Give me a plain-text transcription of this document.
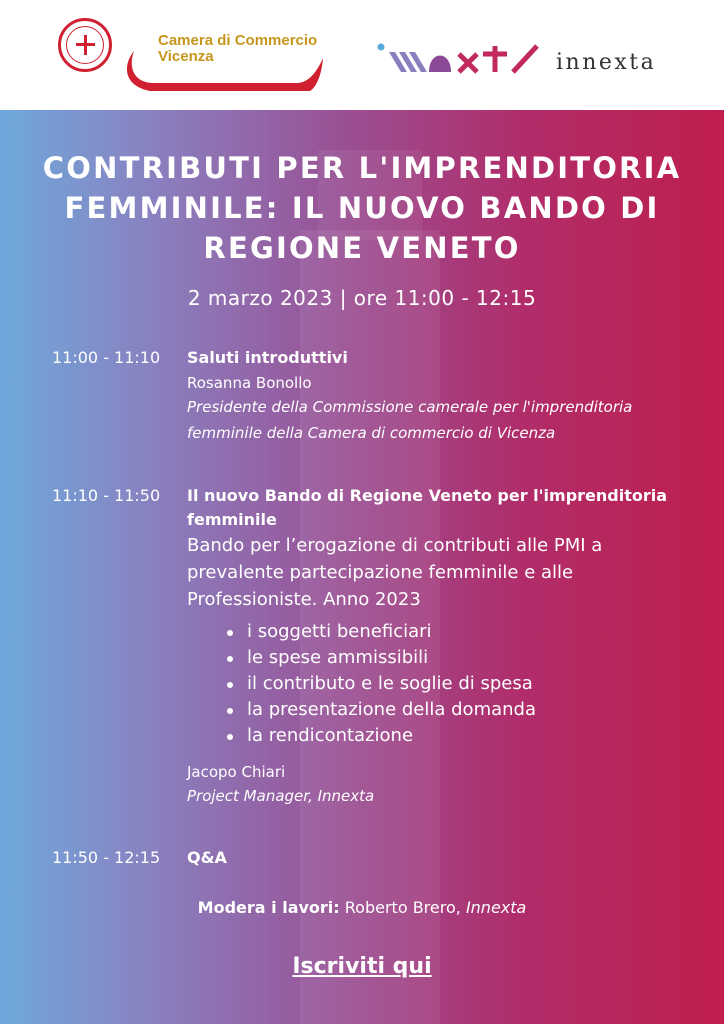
Camera di Commercio
Vicenza	innexta
CONTRIBUTI PER L'IMPRENDITORIA FEMMINILE: IL NUOVO BANDO DI REGIONE VENETO
2 marzo 2023 | ore 11:00 - 12:15
11:00 - 11:10 Saluti introduttivi
Rosanna Bonollo
Presidente della Commissione camerale per l'imprenditoria femminile della Camera di commercio di Vicenza
11:10 - 11:50 Il nuovo Bando di Regione Veneto per l'imprenditoria femminile
Bando per l’erogazione di contributi alle PMI a prevalente partecipazione femminile e alle Professioniste. Anno 2023
i soggetti beneficiari
le spese ammissibili
il contributo e le soglie di spesa
la presentazione della domanda
la rendicontazione
Jacopo Chiari
Project Manager, Innexta
11:50 - 12:15 Q&A
Modera i lavori: Roberto Brero, Innexta
Iscriviti qui
